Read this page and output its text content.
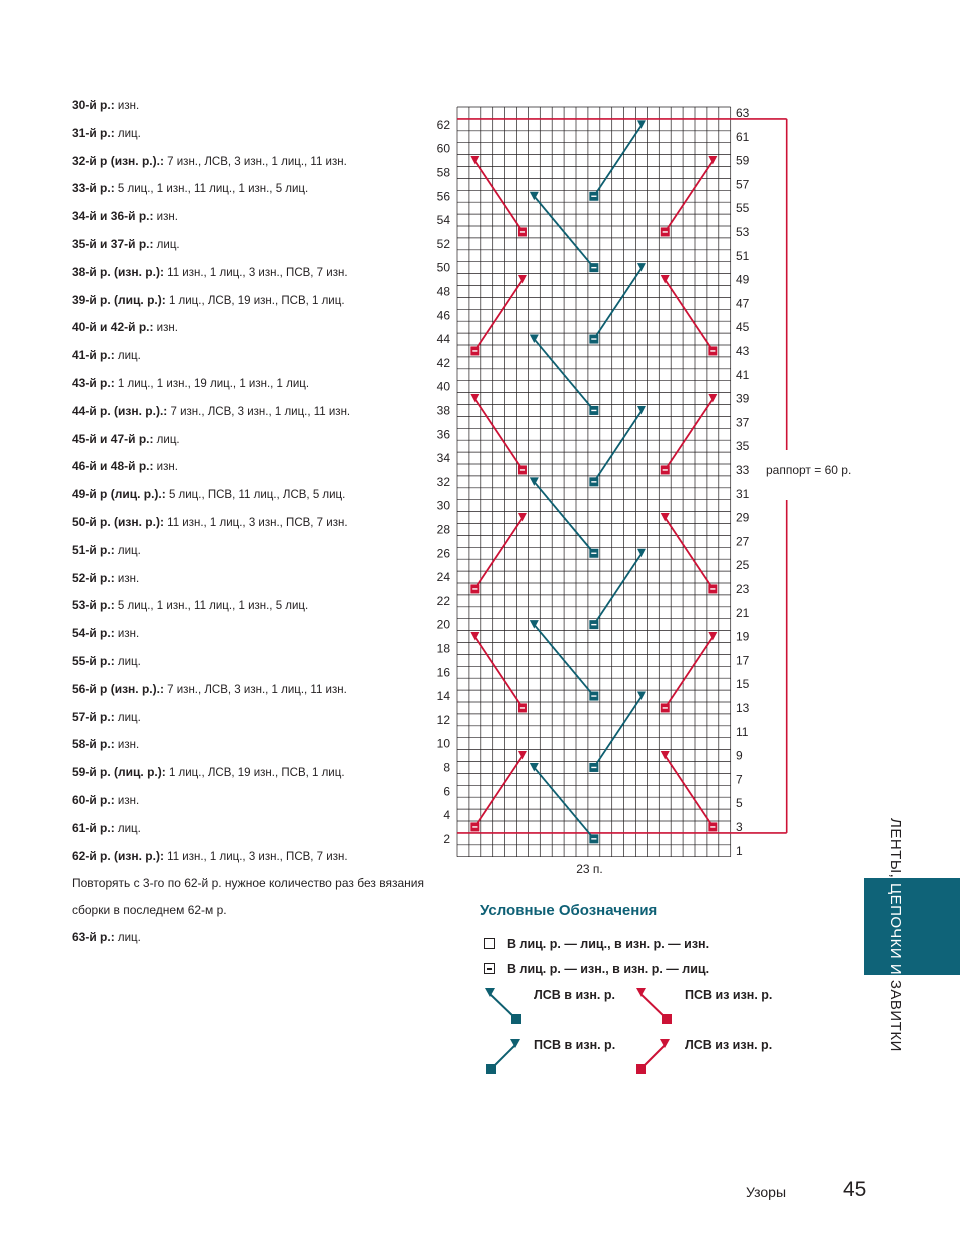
30-й р.: изн.

31-й р.: лиц.

32-й р (изн. р.).: 7 изн., ЛСВ, 3 изн., 1 лиц., 11 изн.

33-й р.: 5 лиц., 1 изн., 11 лиц., 1 изн., 5 лиц.

34-й и 36-й р.: изн.

35-й и 37-й р.: лиц.

38-й р. (изн. р.): 11 изн., 1 лиц., 3 изн., ПСВ, 7 изн.

39-й р. (лиц. р.): 1 лиц., ЛСВ, 19 изн., ПСВ, 1 лиц.

40-й и 42-й р.: изн.

41-й р.: лиц.

43-й р.: 1 лиц., 1 изн., 19 лиц., 1 изн., 1 лиц.

44-й р. (изн. р.).: 7 изн., ЛСВ, 3 изн., 1 лиц., 11 изн.

45-й и 47-й р.: лиц.

46-й и 48-й р.: изн.

49-й р (лиц. р.).: 5 лиц., ПСВ, 11 лиц., ЛСВ, 5 лиц.

50-й р. (изн. р.): 11 изн., 1 лиц., 3 изн., ПСВ, 7 изн.

51-й р.: лиц.

52-й р.: изн.

53-й р.: 5 лиц., 1 изн., 11 лиц., 1 изн., 5 лиц.

54-й р.: изн.

55-й р.: лиц.

56-й р (изн. р.).: 7 изн., ЛСВ, 3 изн., 1 лиц., 11 изн.

57-й р.: лиц.

58-й р.: изн.

59-й р. (лиц. р.): 1 лиц., ЛСВ, 19 изн., ПСВ, 1 лиц.

60-й р.: изн.

61-й р.: лиц.

62-й р. (изн. р.): 11 изн., 1 лиц., 3 изн., ПСВ, 7 изн.

Повторять с 3-го по 62-й р. нужное количество раз без вязания сборки в последнем 62-м р.

63-й р.: лиц.

62
60
58
56
54
52
50
48
46
44
42
40
38
36
34
32
30
28
26
24
22
20
18
16
14
12
10
8
6
4
2
63
61
59
57
55
53
51
49
47
45
43
41
39
37
35
33
31
29
27
25
23
21
19
17
15
13
11
9
7
5
3
1
23 п.
раппорт = 60 р.
Условные Обозначения
В лиц. р. — лиц., в изн. р. — изн.
В лиц. р. — изн., в изн. р. — лиц.
ЛСВ в изн. р.	ПСВ из изн. р.
ПСВ в изн. р.	ЛСВ из изн. р.
ЛЕНТЫ, ЦЕПОЧКИ И ЗАВИТКИ
Узоры	45
